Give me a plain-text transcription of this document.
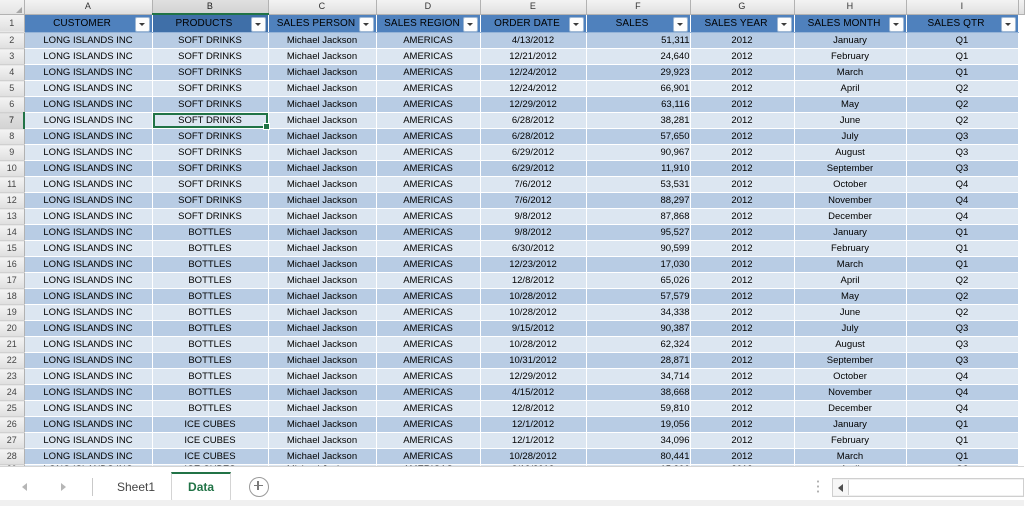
	A	B	C	D	E	F	G	H	I	
1	CUSTOMER	PRODUCTS	SALES PERSON	SALES REGION	ORDER DATE	SALES	SALES YEAR	SALES MONTH	SALES QTR	

2	LONG ISLANDS INC	SOFT DRINKS	Michael Jackson	AMERICAS	4/13/2012	51,311	2012	January	Q1	
3	LONG ISLANDS INC	SOFT DRINKS	Michael Jackson	AMERICAS	12/21/2012	24,640	2012	February	Q1	
4	LONG ISLANDS INC	SOFT DRINKS	Michael Jackson	AMERICAS	12/24/2012	29,923	2012	March	Q1	
5	LONG ISLANDS INC	SOFT DRINKS	Michael Jackson	AMERICAS	12/24/2012	66,901	2012	April	Q2	
6	LONG ISLANDS INC	SOFT DRINKS	Michael Jackson	AMERICAS	12/29/2012	63,116	2012	May	Q2	
7	LONG ISLANDS INC	SOFT DRINKS	Michael Jackson	AMERICAS	6/28/2012	38,281	2012	June	Q2	
8	LONG ISLANDS INC	SOFT DRINKS	Michael Jackson	AMERICAS	6/28/2012	57,650	2012	July	Q3	
9	LONG ISLANDS INC	SOFT DRINKS	Michael Jackson	AMERICAS	6/29/2012	90,967	2012	August	Q3	
10	LONG ISLANDS INC	SOFT DRINKS	Michael Jackson	AMERICAS	6/29/2012	11,910	2012	September	Q3	
11	LONG ISLANDS INC	SOFT DRINKS	Michael Jackson	AMERICAS	7/6/2012	53,531	2012	October	Q4	
12	LONG ISLANDS INC	SOFT DRINKS	Michael Jackson	AMERICAS	7/6/2012	88,297	2012	November	Q4	
13	LONG ISLANDS INC	SOFT DRINKS	Michael Jackson	AMERICAS	9/8/2012	87,868	2012	December	Q4	
14	LONG ISLANDS INC	BOTTLES	Michael Jackson	AMERICAS	9/8/2012	95,527	2012	January	Q1	
15	LONG ISLANDS INC	BOTTLES	Michael Jackson	AMERICAS	6/30/2012	90,599	2012	February	Q1	
16	LONG ISLANDS INC	BOTTLES	Michael Jackson	AMERICAS	12/23/2012	17,030	2012	March	Q1	
17	LONG ISLANDS INC	BOTTLES	Michael Jackson	AMERICAS	12/8/2012	65,026	2012	April	Q2	
18	LONG ISLANDS INC	BOTTLES	Michael Jackson	AMERICAS	10/28/2012	57,579	2012	May	Q2	
19	LONG ISLANDS INC	BOTTLES	Michael Jackson	AMERICAS	10/28/2012	34,338	2012	June	Q2	
20	LONG ISLANDS INC	BOTTLES	Michael Jackson	AMERICAS	9/15/2012	90,387	2012	July	Q3	
21	LONG ISLANDS INC	BOTTLES	Michael Jackson	AMERICAS	10/28/2012	62,324	2012	August	Q3	
22	LONG ISLANDS INC	BOTTLES	Michael Jackson	AMERICAS	10/31/2012	28,871	2012	September	Q3	
23	LONG ISLANDS INC	BOTTLES	Michael Jackson	AMERICAS	12/29/2012	34,714	2012	October	Q4	
24	LONG ISLANDS INC	BOTTLES	Michael Jackson	AMERICAS	4/15/2012	38,668	2012	November	Q4	
25	LONG ISLANDS INC	BOTTLES	Michael Jackson	AMERICAS	12/8/2012	59,810	2012	December	Q4	
26	LONG ISLANDS INC	ICE CUBES	Michael Jackson	AMERICAS	12/1/2012	19,056	2012	January	Q1	
27	LONG ISLANDS INC	ICE CUBES	Michael Jackson	AMERICAS	12/1/2012	34,096	2012	February	Q1	
28	LONG ISLANDS INC	ICE CUBES	Michael Jackson	AMERICAS	10/28/2012	80,441	2012	March	Q1	

Sheet1	Data
